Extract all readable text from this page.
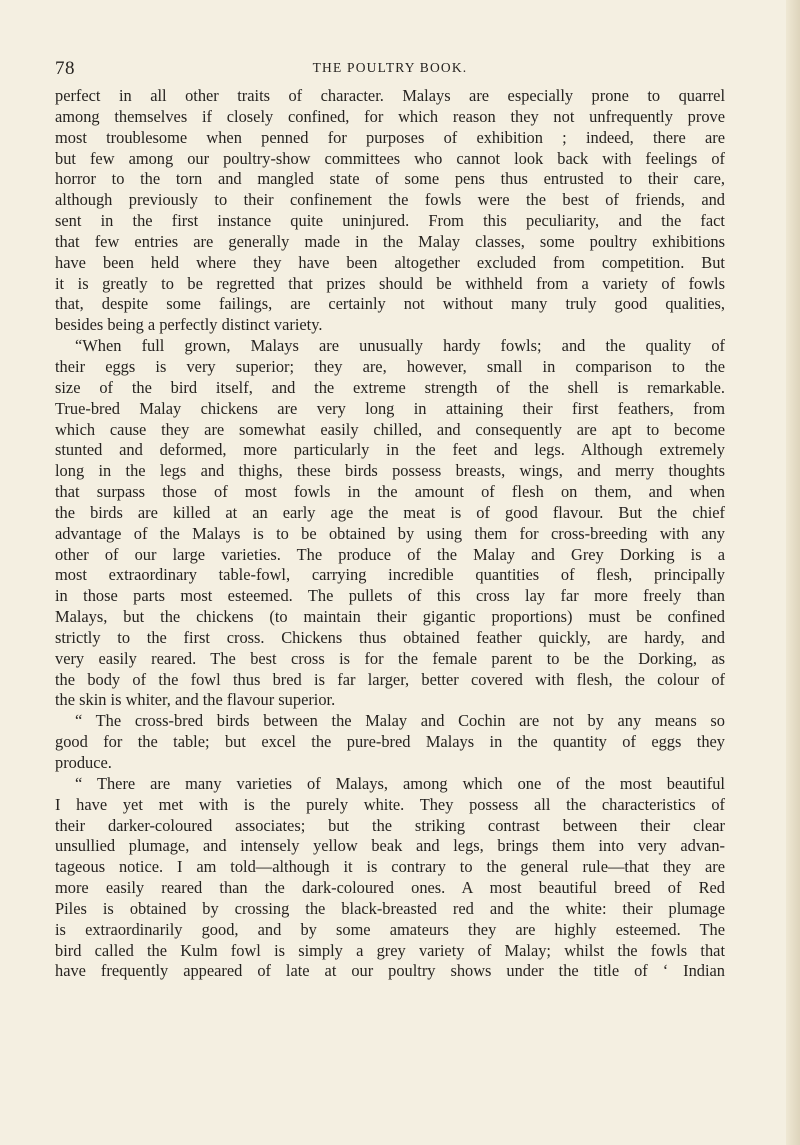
78	THE POULTRY BOOK.
perfect in all other traits of character. Malays are especially prone to quarrel
among themselves if closely confined, for which reason they not unfrequently prove
most troublesome when penned for purposes of exhibition ; indeed, there are
but few among our poultry-show committees who cannot look back with feelings of
horror to the torn and mangled state of some pens thus entrusted to their care,
although previously to their confinement the fowls were the best of friends, and
sent in the first instance quite uninjured. From this peculiarity, and the fact
that few entries are generally made in the Malay classes, some poultry exhibitions
have been held where they have been altogether excluded from competition. But
it is greatly to be regretted that prizes should be withheld from a variety of fowls
that, despite some failings, are certainly not without many truly good qualities,
besides being a perfectly distinct variety.
“When full grown, Malays are unusually hardy fowls; and the quality of
their eggs is very superior; they are, however, small in comparison to the
size of the bird itself, and the extreme strength of the shell is remarkable.
True-bred Malay chickens are very long in attaining their first feathers, from
which cause they are somewhat easily chilled, and consequently are apt to become
stunted and deformed, more particularly in the feet and legs. Although extremely
long in the legs and thighs, these birds possess breasts, wings, and merry thoughts
that surpass those of most fowls in the amount of flesh on them, and when
the birds are killed at an early age the meat is of good flavour. But the chief
advantage of the Malays is to be obtained by using them for cross-breeding with any
other of our large varieties. The produce of the Malay and Grey Dorking is a
most extraordinary table-fowl, carrying incredible quantities of flesh, principally
in those parts most esteemed. The pullets of this cross lay far more freely than
Malays, but the chickens (to maintain their gigantic proportions) must be confined
strictly to the first cross. Chickens thus obtained feather quickly, are hardy, and
very easily reared. The best cross is for the female parent to be the Dorking, as
the body of the fowl thus bred is far larger, better covered with flesh, the colour of
the skin is whiter, and the flavour superior.
“ The cross-bred birds between the Malay and Cochin are not by any means so
good for the table; but excel the pure-bred Malays in the quantity of eggs they
produce.
“ There are many varieties of Malays, among which one of the most beautiful
I have yet met with is the purely white. They possess all the characteristics of
their darker-coloured associates; but the striking contrast between their clear
unsullied plumage, and intensely yellow beak and legs, brings them into very advan-
tageous notice. I am told—although it is contrary to the general rule—that they are
more easily reared than the dark-coloured ones. A most beautiful breed of Red
Piles is obtained by crossing the black-breasted red and the white: their plumage
is extraordinarily good, and by some amateurs they are highly esteemed. The
bird called the Kulm fowl is simply a grey variety of Malay; whilst the fowls that
have frequently appeared of late at our poultry shows under the title of ‘ Indian
